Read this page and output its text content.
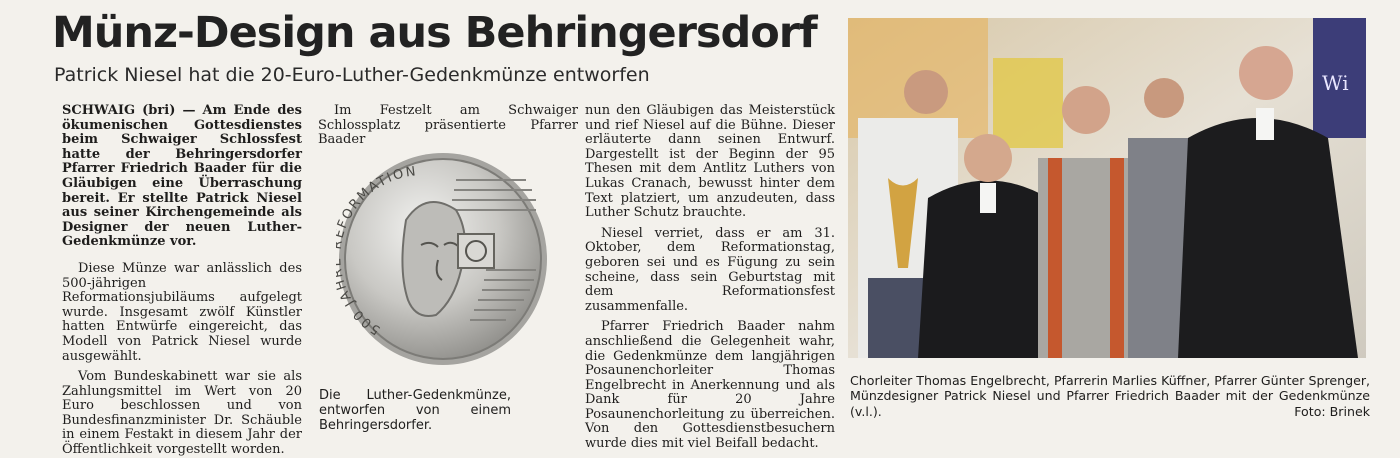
Münz-Design aus Behringersdorf
Patrick Niesel hat die 20-Euro-Luther-Gedenkmünze entworfen

SCHWAIG (bri) — Am Ende des ökumenischen Gottesdienstes beim Schwaiger Schlossfest hatte der Behringersdorfer Pfarrer Friedrich Baader für die Gläubigen eine Überraschung bereit. Er stellte Patrick Niesel aus seiner Kirchengemeinde als Designer der neuen Luther-Gedenkmünze vor.

Diese Münze war anlässlich des 500-jährigen Reformationsjubiläums aufgelegt wurde. Insgesamt zwölf Künstler hatten Entwürfe eingereicht, das Modell von Patrick Niesel wurde ausgewählt.

Vom Bundeskabinett war sie als Zahlungsmittel im Wert von 20 Euro beschlossen und von Bundesfinanzminister Dr. Schäuble in einem Festakt in diesem Jahr der Öffentlichkeit vorgestellt worden.

Im Festzelt am Schwaiger Schlossplatz präsentierte Pfarrer Baader

500 JA FORMATION
Die Luther-Gedenkmünze, entworfen von einem Behringersdorfer.

nun den Gläubigen das Meisterstück und rief Niesel auf die Bühne. Dieser erläuterte dann seinen Entwurf. Dargestellt ist der Beginn der 95 Thesen mit dem Antlitz Luthers von Lukas Cranach, bewusst hinter dem Text platziert, um anzudeuten, dass Luther Schutz brauchte.

Niesel verriet, dass er am 31. Oktober, dem Reformationstag, geboren sei und es Fügung zu sein scheine, dass sein Geburtstag mit dem Reformationsfest zusammenfalle.

Pfarrer Friedrich Baader nahm anschließend die Gelegenheit wahr, die Gedenkmünze dem langjährigen Posaunenchorleiter Thomas Engelbrecht in Anerkennung und als Dank für 20 Jahre Posaunenchorleitung zu überreichen. Von den Gottesdienstbesuchern wurde dies mit viel Beifall bedacht.

Wi
Chorleiter Thomas Engelbrecht, Pfarrerin Marlies Küffner, Pfarrer Günter Sprenger, Münzdesigner Patrick Niesel und Pfarrer Friedrich Baader mit der Gedenkmünze (v.l.).	Foto: Brinek
